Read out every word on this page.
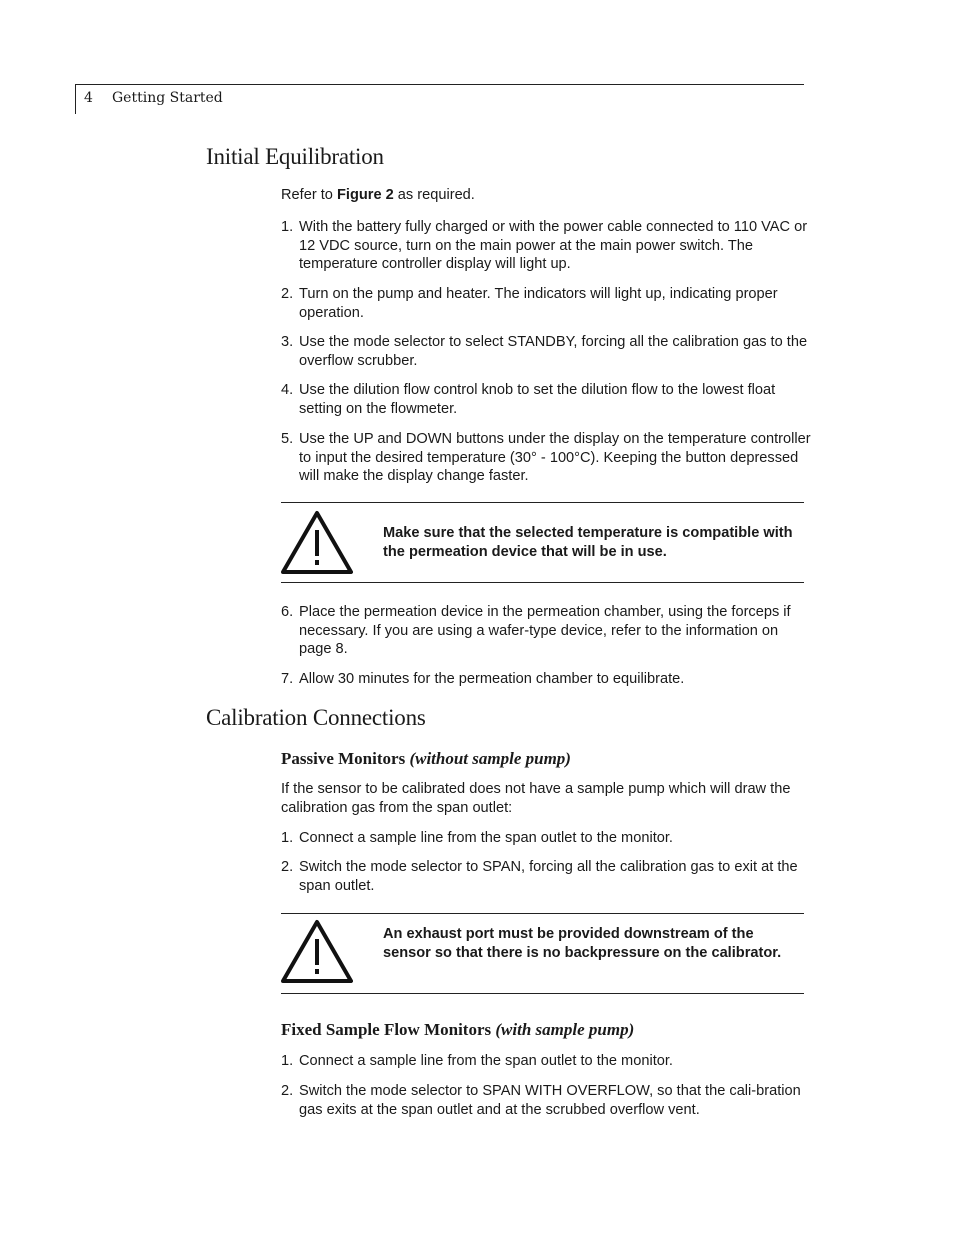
4 Getting Started
Initial Equilibration

Refer to Figure 2 as required.

1. With the battery fully charged or with the power cable connected to 110 VAC or 12 VDC source, turn on the main power at the main power switch. The temperature controller display will light up.
2. Turn on the pump and heater. The indicators will light up, indicating proper operation.
3. Use the mode selector to select STANDBY, forcing all the calibration gas to the overflow scrubber.
4. Use the dilution flow control knob to set the dilution flow to the lowest float setting on the flowmeter.
5. Use the UP and DOWN buttons under the display on the temperature controller to input the desired temperature (30° - 100°C). Keeping the button depressed will make the display change faster.
Make sure that the selected temperature is compatible with the permeation device that will be in use.
6. Place the permeation device in the permeation chamber, using the forceps if necessary. If you are using a wafer-type device, refer to the information on page 8.
7. Allow 30 minutes for the permeation chamber to equilibrate.
Calibration Connections
Passive Monitors (without sample pump)

If the sensor to be calibrated does not have a sample pump which will draw the calibration gas from the span outlet:

1. Connect a sample line from the span outlet to the monitor.
2. Switch the mode selector to SPAN, forcing all the calibration gas to exit at the span outlet.
An exhaust port must be provided downstream of the sensor so that there is no backpressure on the calibrator.
Fixed Sample Flow Monitors (with sample pump)
1. Connect a sample line from the span outlet to the monitor.
2. Switch the mode selector to SPAN WITH OVERFLOW, so that the cali-bration gas exits at the span outlet and at the scrubbed overflow vent.
